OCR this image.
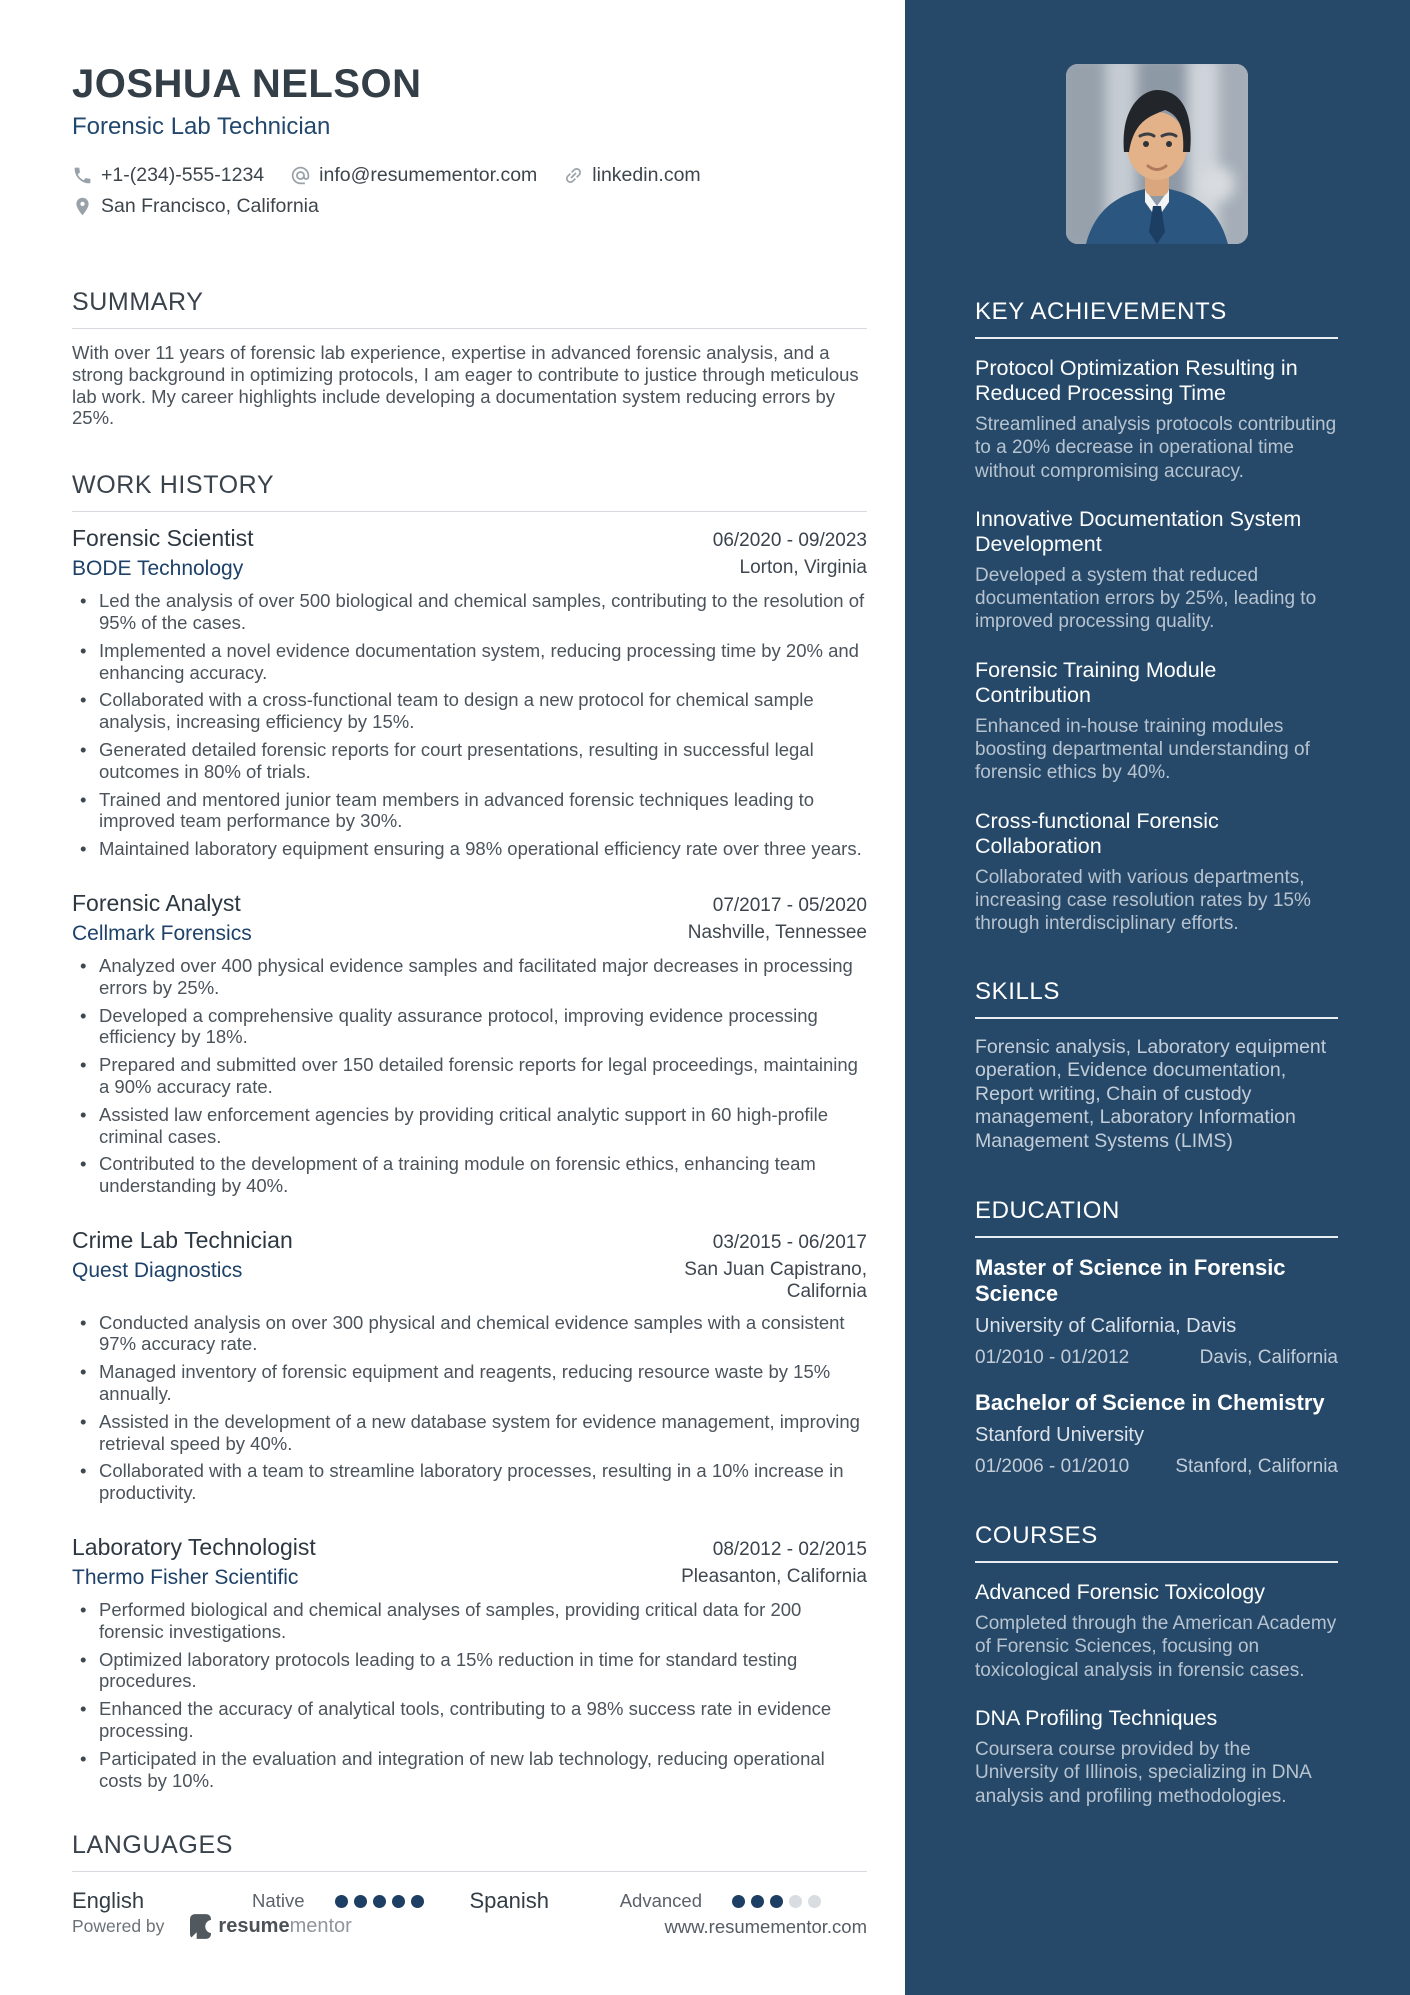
JOSHUA NELSON
Forensic Lab Technician
+1-(234)-555-1234	info@resumementor.com	linkedin.com
San Francisco, California
SUMMARY
With over 11 years of forensic lab experience, expertise in advanced forensic analysis, and a strong background in optimizing protocols, I am eager to contribute to justice through meticulous lab work. My career highlights include developing a documentation system reducing errors by 25%.
WORK HISTORY
Forensic Scientist	06/2020 - 09/2023
BODE Technology	Lorton, Virginia
• Led the analysis of over 500 biological and chemical samples, contributing to the resolution of 95% of the cases.
• Implemented a novel evidence documentation system, reducing processing time by 20% and enhancing accuracy.
• Collaborated with a cross-functional team to design a new protocol for chemical sample analysis, increasing efficiency by 15%.
• Generated detailed forensic reports for court presentations, resulting in successful legal outcomes in 80% of trials.
• Trained and mentored junior team members in advanced forensic techniques leading to improved team performance by 30%.
• Maintained laboratory equipment ensuring a 98% operational efficiency rate over three years.
Forensic Analyst	07/2017 - 05/2020
Cellmark Forensics	Nashville, Tennessee
• Analyzed over 400 physical evidence samples and facilitated major decreases in processing errors by 25%.
• Developed a comprehensive quality assurance protocol, improving evidence processing efficiency by 18%.
• Prepared and submitted over 150 detailed forensic reports for legal proceedings, maintaining a 90% accuracy rate.
• Assisted law enforcement agencies by providing critical analytic support in 60 high-profile criminal cases.
• Contributed to the development of a training module on forensic ethics, enhancing team understanding by 40%.
Crime Lab Technician	03/2015 - 06/2017
Quest Diagnostics	San Juan Capistrano, California
• Conducted analysis on over 300 physical and chemical evidence samples with a consistent 97% accuracy rate.
• Managed inventory of forensic equipment and reagents, reducing resource waste by 15% annually.
• Assisted in the development of a new database system for evidence management, improving retrieval speed by 40%.
• Collaborated with a team to streamline laboratory processes, resulting in a 10% increase in productivity.
Laboratory Technologist	08/2012 - 02/2015
Thermo Fisher Scientific	Pleasanton, California
• Performed biological and chemical analyses of samples, providing critical data for 200 forensic investigations.
• Optimized laboratory protocols leading to a 15% reduction in time for standard testing procedures.
• Enhanced the accuracy of analytical tools, contributing to a 98% success rate in evidence processing.
• Participated in the evaluation and integration of new lab technology, reducing operational costs by 10%.
LANGUAGES
English	Native	Spanish	Advanced
Powered by	resumementor	www.resumementor.com
KEY ACHIEVEMENTS
Protocol Optimization Resulting in Reduced Processing Time
Streamlined analysis protocols contributing to a 20% decrease in operational time without compromising accuracy.
Innovative Documentation System Development
Developed a system that reduced documentation errors by 25%, leading to improved processing quality.
Forensic Training Module Contribution
Enhanced in-house training modules boosting departmental understanding of forensic ethics by 40%.
Cross-functional Forensic Collaboration
Collaborated with various departments, increasing case resolution rates by 15% through interdisciplinary efforts.
SKILLS
Forensic analysis, Laboratory equipment operation, Evidence documentation, Report writing, Chain of custody management, Laboratory Information Management Systems (LIMS)
EDUCATION
Master of Science in Forensic Science
University of California, Davis
01/2010 - 01/2012	Davis, California
Bachelor of Science in Chemistry
Stanford University
01/2006 - 01/2010 Stanford, California
COURSES
Advanced Forensic Toxicology
Completed through the American Academy of Forensic Sciences, focusing on toxicological analysis in forensic cases.
DNA Profiling Techniques
Coursera course provided by the University of Illinois, specializing in DNA analysis and profiling methodologies.
